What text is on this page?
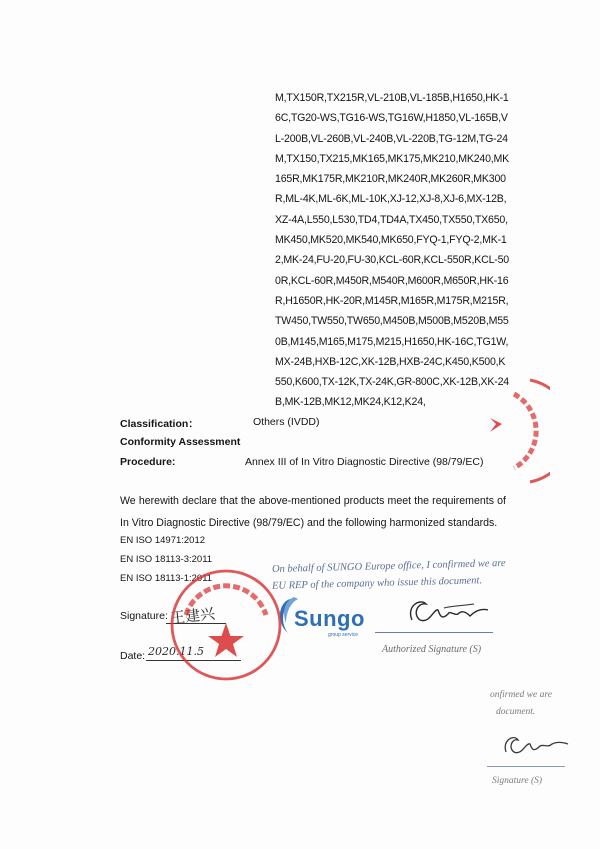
M,TX150R,TX215R,VL-210B,VL-185B,H1650,HK-16C,TG20-WS,TG16-WS,TG16W,H1850,VL-165B,VL-200B,VL-260B,VL-240B,VL-220B,TG-12M,TG-24M,TX150,TX215,MK165,MK175,MK210,MK240,MK165R,MK175R,MK210R,MK240R,MK260R,MK300R,ML-4K,ML-6K,ML-10K,XJ-12,XJ-8,XJ-6,MX-12B,XZ-4A,L550,L530,TD4,TD4A,TX450,TX550,TX650,MK450,MK520,MK540,MK650,FYQ-1,FYQ-2,MK-12,MK-24,FU-20,FU-30,KCL-60R,KCL-550R,KCL-500R,KCL-60R,M450R,M540R,M600R,M650R,HK-16R,H1650R,HK-20R,M145R,M165R,M175R,M215R,TW450,TW550,TW650,M450B,M500B,M520B,M550B,M145,M165,M175,M215,H1650,HK-16C,TG1W,MX-24B,HXB-12C,XK-12B,HXB-24C,K450,K500,K550,K600,TX-12K,TX-24K,GR-800C,XK-12B,XK-24B,MK-12B,MK12,MK24,K12,K24,
Classification：	Others (IVDD)
Conformity Assessment
Procedure:	Annex III of In Vitro Diagnostic Directive (98/79/EC)
We herewith declare that the above-mentioned products meet the requirements of In Vitro Diagnostic Directive (98/79/EC) and the following harmonized standards.
EN ISO 14971:2012
EN ISO 18113-3:2011
EN ISO 18113-1:2011
On behalf of SUNGO Europe office, I confirmed we are
EU REP of the company who issue this document.
Sungo
group service
Authorized Signature (S)
Signature: 王建兴
Date: 2020.11.5
onfirmed we are
document.
Signature (S)
